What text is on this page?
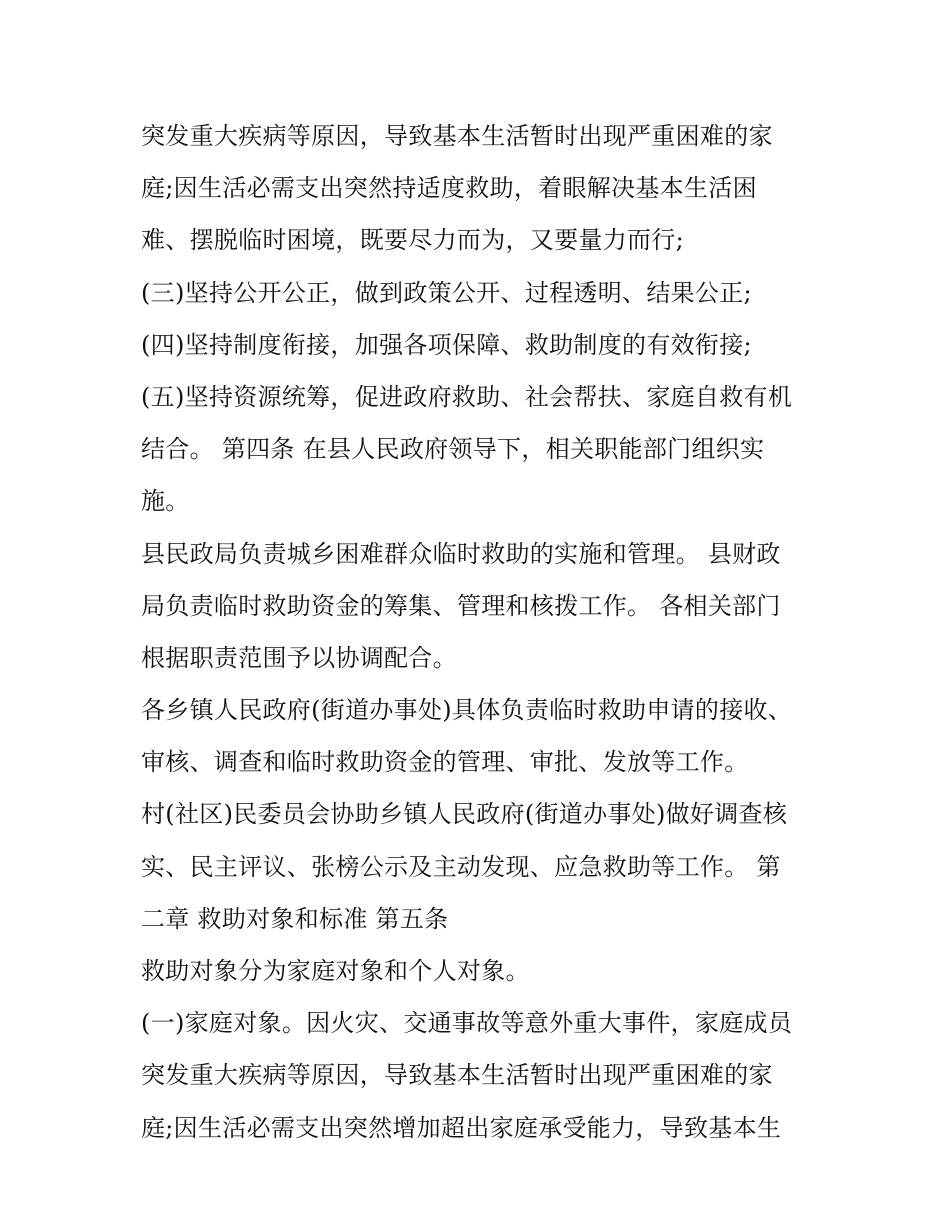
突发重大疾病等原因，导致基本生活暂时出现严重困难的家
庭;因生活必需支出突然持适度救助，着眼解决基本生活困
难、摆脱临时困境，既要尽力而为，又要量力而行;
(三)坚持公开公正，做到政策公开、过程透明、结果公正;
(四)坚持制度衔接，加强各项保障、救助制度的有效衔接;
(五)坚持资源统筹，促进政府救助、社会帮扶、家庭自救有机
结合。 第四条 在县人民政府领导下，相关职能部门组织实
施。
县民政局负责城乡困难群众临时救助的实施和管理。 县财政
局负责临时救助资金的筹集、管理和核拨工作。 各相关部门
根据职责范围予以协调配合。
各乡镇人民政府(街道办事处)具体负责临时救助申请的接收、
审核、调查和临时救助资金的管理、审批、发放等工作。
村(社区)民委员会协助乡镇人民政府(街道办事处)做好调查核
实、民主评议、张榜公示及主动发现、应急救助等工作。 第
二章 救助对象和标准 第五条
救助对象分为家庭对象和个人对象。
(一)家庭对象。因火灾、交通事故等意外重大事件，家庭成员
突发重大疾病等原因，导致基本生活暂时出现严重困难的家
庭;因生活必需支出突然增加超出家庭承受能力，导致基本生
